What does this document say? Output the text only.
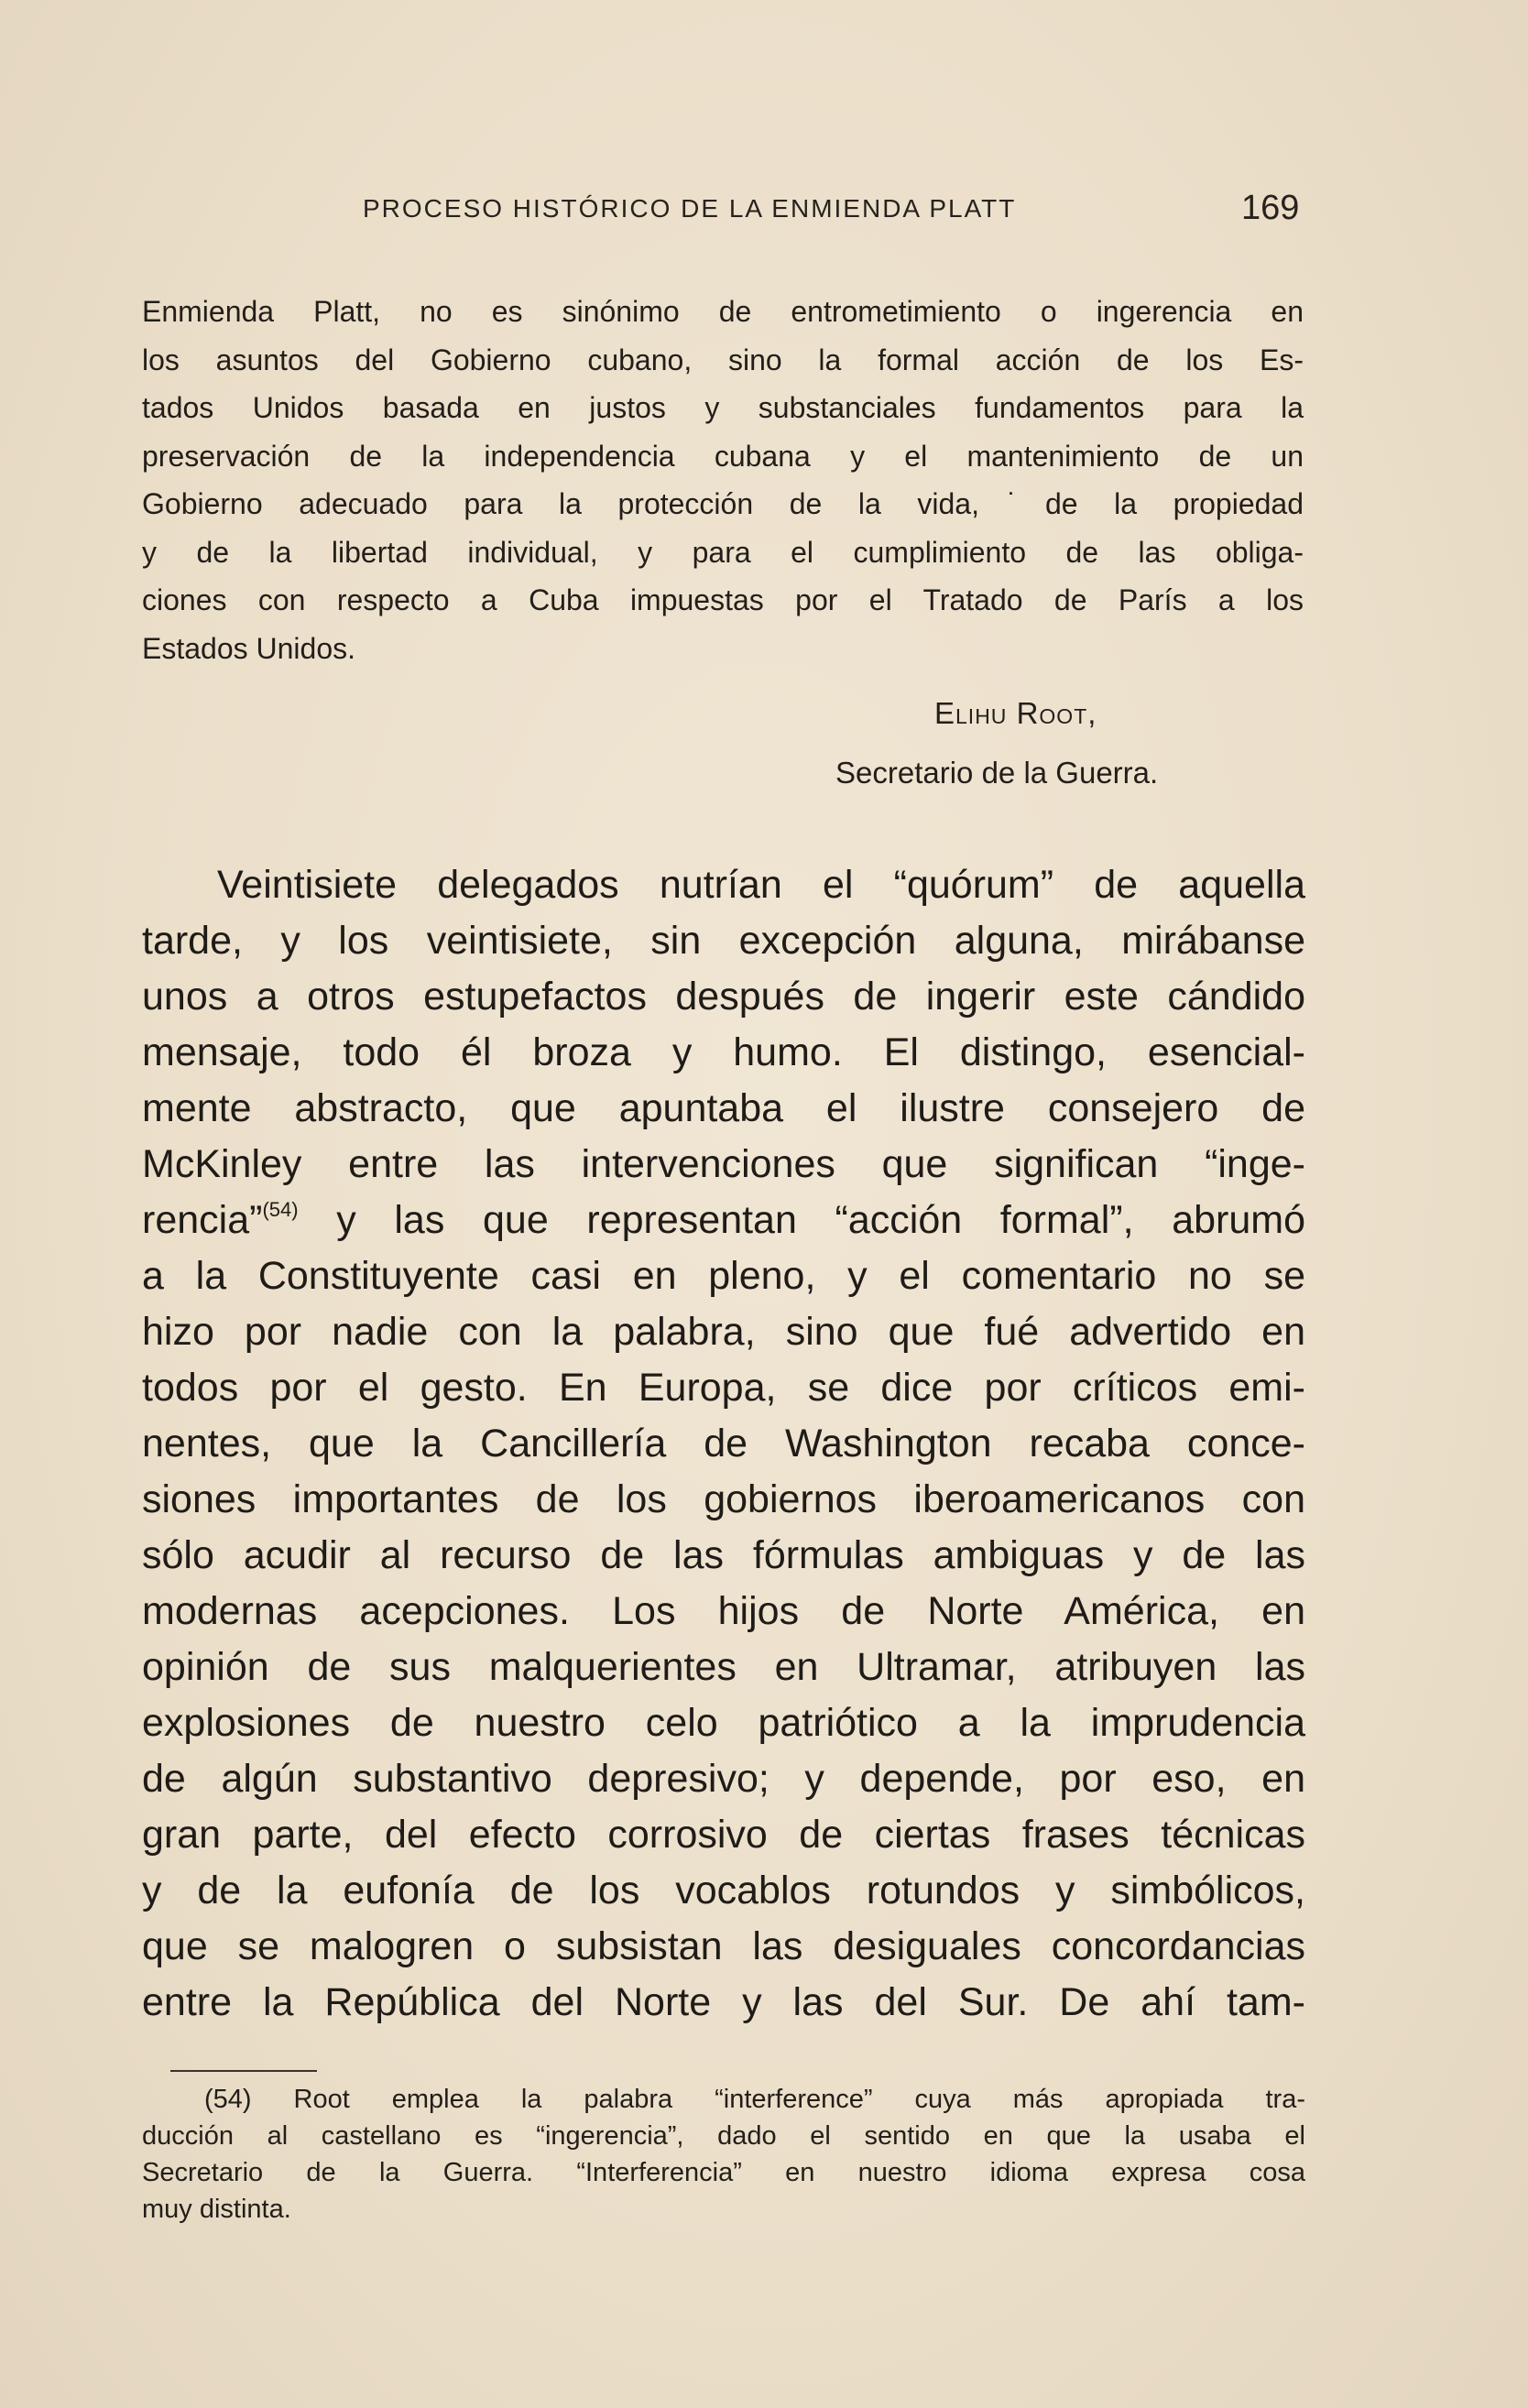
PROCESO HISTÓRICO DE LA ENMIENDA PLATT	169
Enmienda Platt, no es sinónimo de entrometimiento o ingerencia en
los asuntos del Gobierno cubano, sino la formal acción de los Es-
tados Unidos basada en justos y substanciales fundamentos para la
preservación de la independencia cubana y el mantenimiento de un
Gobierno adecuado para la protección de la vida,˙de la propiedad
y de la libertad individual, y para el cumplimiento de las obliga-
ciones con respecto a Cuba impuestas por el Tratado de París a los
Estados Unidos.
Elihu Root,
Secretario de la Guerra.
Veintisiete delegados nutrían el “quórum” de aquella
tarde, y los veintisiete, sin excepción alguna, mirábanse
unos a otros estupefactos después de ingerir este cándido
mensaje, todo él broza y humo. El distingo, esencial-
mente abstracto, que apuntaba el ilustre consejero de
McKinley entre las intervenciones que significan “inge-
rencia”$^{(54)}$ y las que representan “acción formal”, abrumó
a la Constituyente casi en pleno, y el comentario no se
hizo por nadie con la palabra, sino que fué advertido en
todos por el gesto. En Europa, se dice por críticos emi-
nentes, que la Cancillería de Washington recaba conce-
siones importantes de los gobiernos iberoamericanos con
sólo acudir al recurso de las fórmulas ambiguas y de las
modernas acepciones. Los hijos de Norte América, en
opinión de sus malquerientes en Ultramar, atribuyen las
explosiones de nuestro celo patriótico a la imprudencia
de algún substantivo depresivo; y depende, por eso, en
gran parte, del efecto corrosivo de ciertas frases técnicas
y de la eufonía de los vocablos rotundos y simbólicos,
que se malogren o subsistan las desiguales concordancias
entre la República del Norte y las del Sur. De ahí tam-
(54) Root emplea la palabra “interference” cuya más apropiada tra-
ducción al castellano es “ingerencia”, dado el sentido en que la usaba el
Secretario de la Guerra. “Interferencia” en nuestro idioma expresa cosa
muy distinta.
